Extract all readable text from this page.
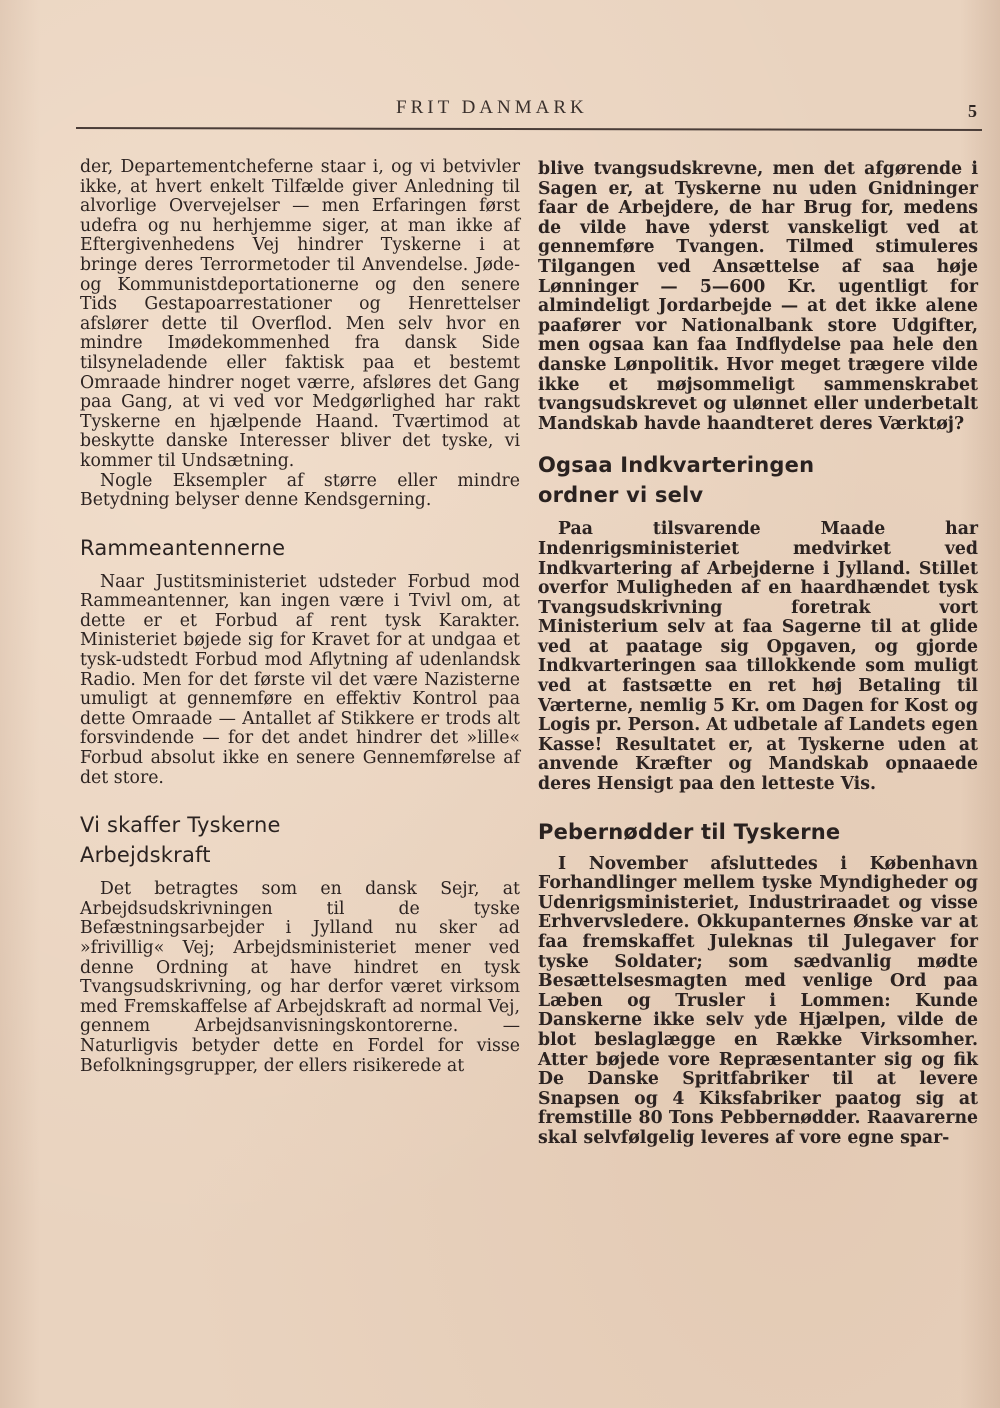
FRIT DANMARK	5

der, Departementcheferne staar i, og vi betvivler ikke, at hvert enkelt Tilfælde giver Anledning til alvorlige Overvejelser — men Erfaringen først udefra og nu herhjemme siger, at man ikke af Eftergivenhedens Vej hindrer Tyskerne i at bringe deres Terrormetoder til Anvendelse. Jøde- og Kommunistdeportationerne og den senere Tids Gestapoarrestationer og Henrettelser afslører dette til Overflod. Men selv hvor en mindre Imødekommenhed fra dansk Side tilsyneladende eller faktisk paa et bestemt Omraade hindrer noget værre, afsløres det Gang paa Gang, at vi ved vor Medgørlighed har rakt Tyskerne en hjælpende Haand. Tværtimod at beskytte danske Interesser bliver det tyske, vi kommer til Undsætning.

Nogle Eksempler af større eller mindre Betydning belyser denne Kendsgerning.

Rammeantennerne

Naar Justitsministeriet udsteder Forbud mod Rammeantenner, kan ingen være i Tvivl om, at dette er et Forbud af rent tysk Karakter. Ministeriet bøjede sig for Kravet for at undgaa et tysk-udstedt Forbud mod Aflytning af udenlandsk Radio. Men for det første vil det være Nazisterne umuligt at gennemføre en effektiv Kontrol paa dette Omraade — Antallet af Stikkere er trods alt forsvindende — for det andet hindrer det »lille« Forbud absolut ikke en senere Gennemførelse af det store.

Vi skaffer Tyskerne
Arbejdskraft

Det betragtes som en dansk Sejr, at Arbejdsudskrivningen til de tyske Befæstningsarbejder i Jylland nu sker ad »frivillig« Vej; Arbejdsministeriet mener ved denne Ordning at have hindret en tysk Tvangsudskrivning, og har derfor været virksom med Fremskaffelse af Arbejdskraft ad normal Vej, gennem Arbejdsanvisningskontorerne. — Naturligvis betyder dette en Fordel for visse Befolkningsgrupper, der ellers risikerede at

blive tvangsudskrevne, men det afgørende i Sagen er, at Tyskerne nu uden Gnidninger faar de Arbejdere, de har Brug for, medens de vilde have yderst vanskeligt ved at gennemføre Tvangen. Tilmed stimuleres Tilgangen ved Ansættelse af saa høje Lønninger — 5—600 Kr. ugentligt for almindeligt Jordarbejde — at det ikke alene paafører vor Nationalbank store Udgifter, men ogsaa kan faa Indflydelse paa hele den danske Lønpolitik. Hvor meget trægere vilde ikke et møjsommeligt sammenskrabet tvangsudskrevet og ulønnet eller underbetalt Mandskab havde haandteret deres Værktøj?

Ogsaa Indkvarteringen
ordner vi selv

Paa tilsvarende Maade har Indenrigsministeriet medvirket ved Indkvartering af Arbejderne i Jylland. Stillet overfor Muligheden af en haardhændet tysk Tvangsudskrivning foretrak vort Ministerium selv at faa Sagerne til at glide ved at paatage sig Opgaven, og gjorde Indkvarteringen saa tillokkende som muligt ved at fastsætte en ret høj Betaling til Værterne, nemlig 5 Kr. om Dagen for Kost og Logis pr. Person. At udbetale af Landets egen Kasse! Resultatet er, at Tyskerne uden at anvende Kræfter og Mandskab opnaaede deres Hensigt paa den letteste Vis.

Pebernødder til Tyskerne

I November afsluttedes i København Forhandlinger mellem tyske Myndigheder og Udenrigsministeriet, Industriraadet og visse Erhvervsledere. Okkupanternes Ønske var at faa fremskaffet Juleknas til Julegaver for tyske Soldater; som sædvanlig mødte Besættelsesmagten med venlige Ord paa Læben og Trusler i Lommen: Kunde Danskerne ikke selv yde Hjælpen, vilde de blot beslaglægge en Række Virksomher. Atter bøjede vore Repræsentanter sig og fik De Danske Spritfabriker til at levere Snapsen og 4 Kiksfabriker paatog sig at fremstille 80 Tons Pebbernødder. Raavarerne skal selvfølgelig leveres af vore egne spar-
